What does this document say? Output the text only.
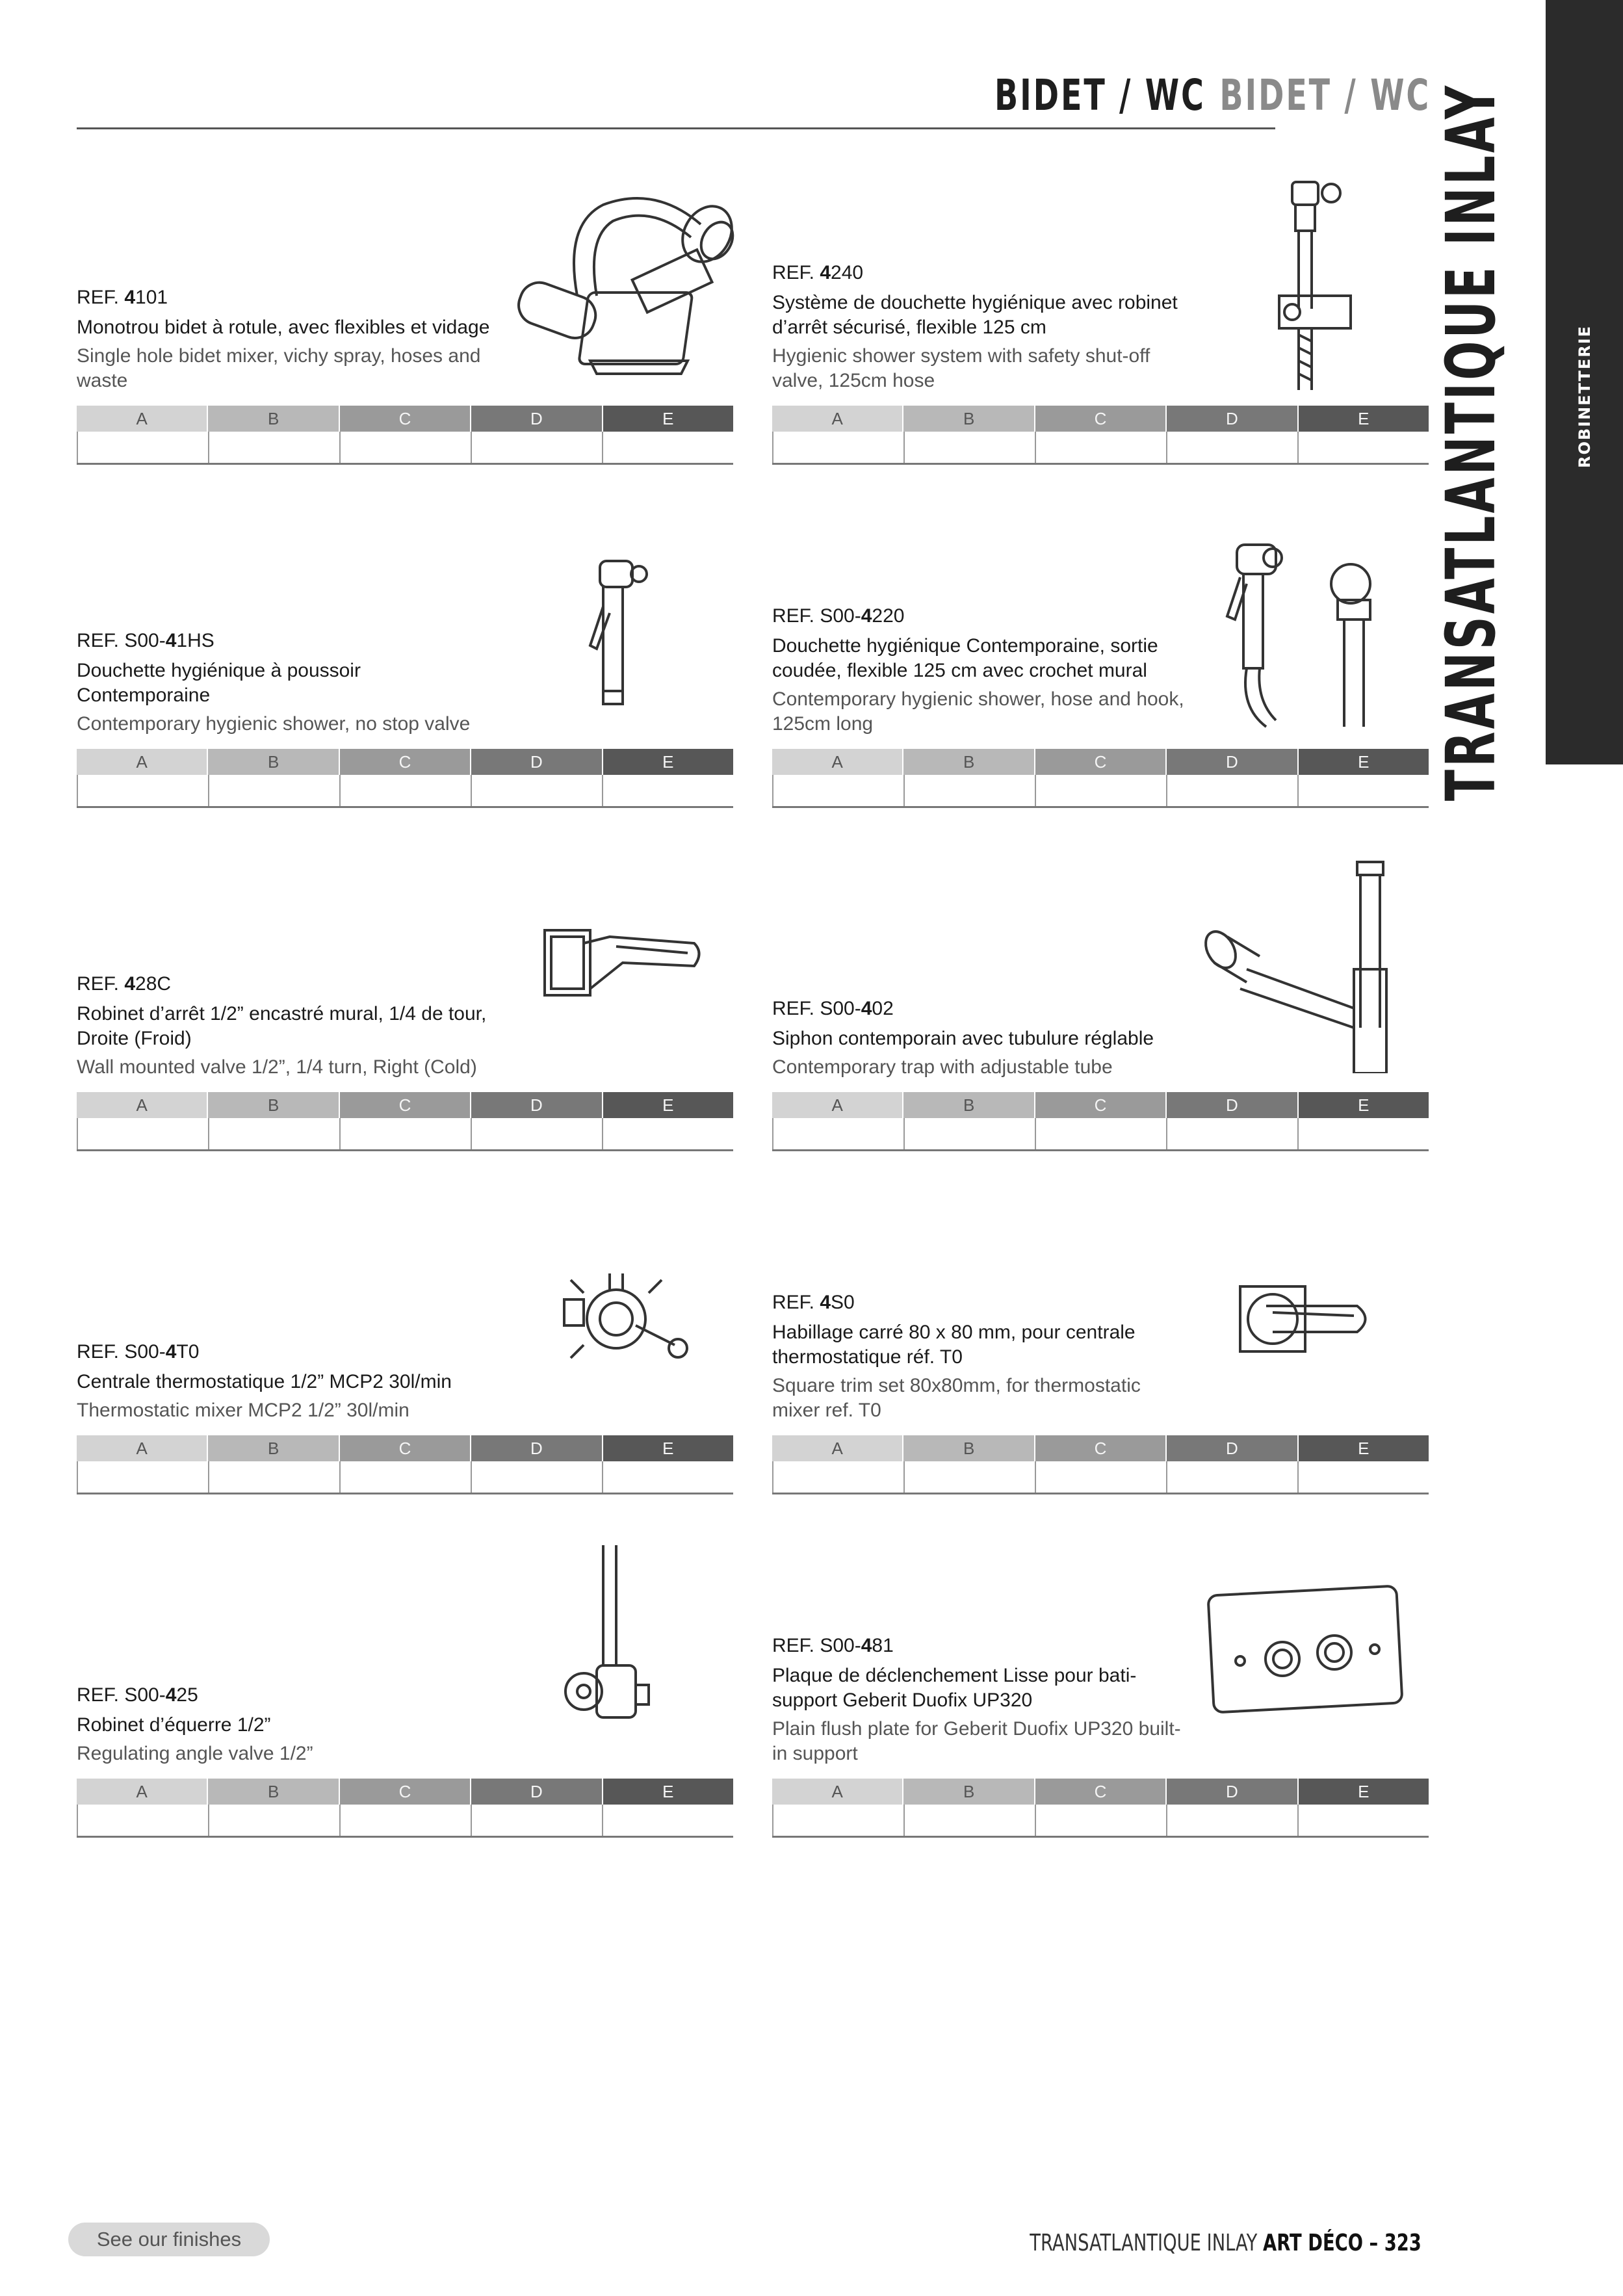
BIDET / WC BIDET / WC
ROBINETTERIE
TRANSATLANTIQUE INLAY
REF. 4101
Monotrou bidet à rotule, avec flexibles et vidage
Single hole bidet mixer, vichy spray, hoses and waste
A	B	C	D	E
REF. 4240
Système de douchette hygiénique avec robinet d’arrêt sécurisé, flexible 125 cm
Hygienic shower system with safety shut-off valve, 125cm hose
A	B	C	D	E
REF. S00-41HS
Douchette hygiénique à poussoir Contemporaine
Contemporary hygienic shower, no stop valve
A	B	C	D	E
REF. S00-4220
Douchette hygiénique Contemporaine, sortie coudée, flexible 125 cm avec crochet mural
Contemporary hygienic shower, hose and hook, 125cm long
A	B	C	D	E
REF. 428C
Robinet d’arrêt 1/2” encastré mural, 1/4 de tour, Droite (Froid)
Wall mounted valve 1/2”, 1/4 turn, Right (Cold)
A	B	C	D	E
REF. S00-402
Siphon contemporain avec tubulure réglable
Contemporary trap with adjustable tube
A	B	C	D	E
REF. S00-4T0
Centrale thermostatique 1/2” MCP2 30l/min
Thermostatic mixer MCP2 1/2” 30l/min
A	B	C	D	E
REF. 4S0
Habillage carré 80 x 80 mm, pour centrale thermostatique réf. T0
Square trim set 80x80mm, for thermostatic mixer ref. T0
A	B	C	D	E
REF. S00-425
Robinet d’équerre 1/2”
Regulating angle valve 1/2”
A	B	C	D	E
REF. S00-481
Plaque de déclenchement Lisse pour bati-support Geberit Duofix UP320
Plain flush plate for Geberit Duofix UP320 built-in support
A	B	C	D	E
See our finishes	TRANSATLANTIQUE INLAY ART DÉCO – 323
